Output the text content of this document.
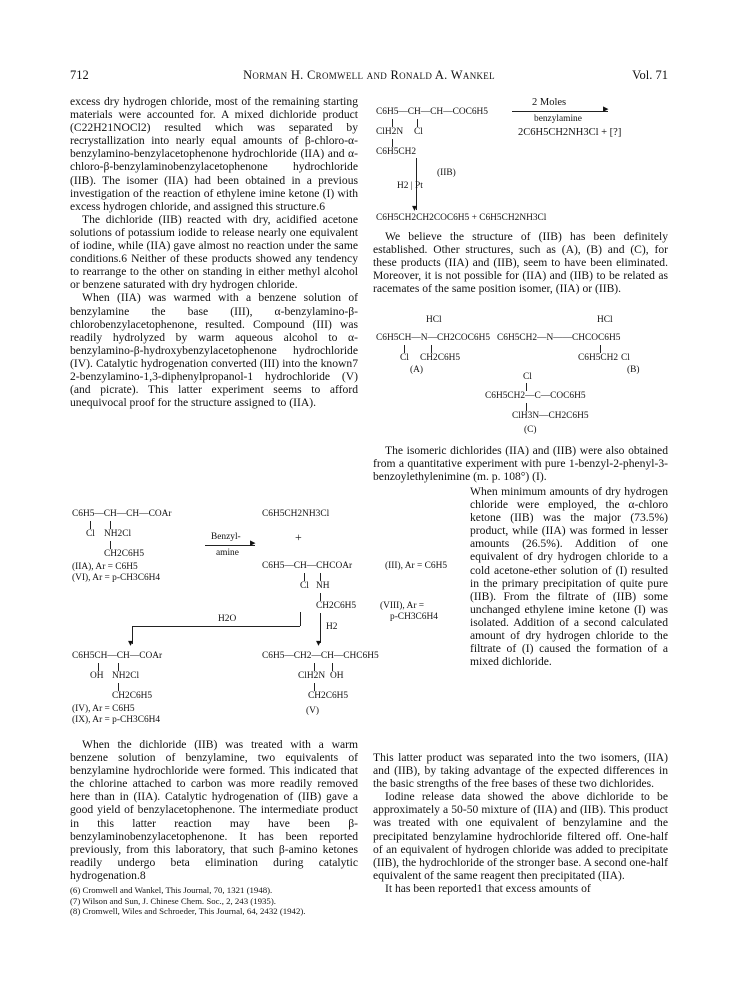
712	Norman H. Cromwell and Ronald A. Wankel	Vol. 71

excess dry hydrogen chloride, most of the remaining starting materials were accounted for. A mixed dichloride product (C22H21NOCl2) resulted which was separated by recrystallization into nearly equal amounts of β-chloro-α-benzylamino-benzylacetophenone hydrochloride (IIA) and α-chloro-β-benzylaminobenzylacetophenone hydrochloride (IIB). The isomer (IIA) had been obtained in a previous investigation of the reaction of ethylene imine ketone (I) with excess hydrogen chloride, and assigned this structure.6

The dichloride (IIB) reacted with dry, acidified acetone solutions of potassium iodide to release nearly one equivalent of iodine, while (IIA) gave almost no reaction under the same conditions.6 Neither of these products showed any tendency to rearrange to the other on standing in either methyl alcohol or benzene saturated with dry hydrogen chloride.

When (IIA) was warmed with a benzene solution of benzylamine the base (III), α-benzylamino-β-chlorobenzylacetophenone, resulted. Compound (III) was readily hydrolyzed by warm aqueous alcohol to α-benzylamino-β-hydroxybenzylacetophenone hydrochloride (IV). Catalytic hydrogenation converted (III) into the known7 2-benzylamino-1,3-diphenylpropanol-1 hydrochloride (V) (and picrate). This latter experiment seems to afford unequivocal proof for the structure assigned to (IIA).

C6H5—CH—CH—COAr
Cl NH2Cl
CH2C6H5
(IIA), Ar = C6H5
(VI), Ar = p-CH3C6H4
C6H5CH2NH3Cl
+
Benzyl- ▸
amine
C6H5—CH—CHCOAr	(III), Ar = C6H5
Cl NH
CH2C6H5	(VIII), Ar =
p-CH3C6H4
▾
H2
▾
H2O
C6H5CH—CH—COAr
OH NH2Cl
CH2C6H5
(IV), Ar = C6H5
(IX), Ar = p-CH3C6H4
C6H5—CH2—CH—CHC6H5
ClH2N OH
CH2C6H5
(V)

When the dichloride (IIB) was treated with a warm benzene solution of benzylamine, two equivalents of benzylamine hydrochloride were formed. This indicated that the chlorine attached to carbon was more readily removed here than in (IIA). Catalytic hydrogenation of (IIB) gave a good yield of benzylacetophenone. The intermediate product in this latter reaction may have been β-benzylaminobenzylacetophenone. It has been reported previously, from this laboratory, that such β-amino ketones readily undergo beta elimination during catalytic hydrogenation.8

(6) Cromwell and Wankel, This Journal, 70, 1321 (1948).

(7) Wilson and Sun, J. Chinese Chem. Soc., 2, 243 (1935).

(8) Cromwell, Wiles and Schroeder, This Journal, 64, 2432 (1942).

C6H5—CH—CH—COC6H5
ClH2N Cl
C6H5CH2
2 Moles
▸
benzylamine
2C6H5CH2NH3Cl + [?]
▾
(IIB)
H2 | Pt
C6H5CH2CH2COC6H5 + C6H5CH2NH3Cl

We believe the structure of (IIB) has been definitely established. Other structures, such as (A), (B) and (C), for these products (IIA) and (IIB), seem to have been eliminated. Moreover, it is not possible for (IIA) and (IIB) to be related as racemates of the same position isomer, (IIA) or (IIB).

HCl	HCl
C6H5CH—N—CH2COC6H5 C6H5CH2—N——CHCOC6H5
Cl CH2C6H5	C6H5CH2 Cl
(A)	(B)
Cl
C6H5CH2—C—COC6H5
ClH3N—CH2C6H5
(C)

The isomeric dichlorides (IIA) and (IIB) were also obtained from a quantitative experiment with pure 1-benzyl-2-phenyl-3-benzoylethylenimine (m. p. 108°) (I).

When minimum amounts of dry hydrogen chloride were employed, the α-chloro ketone (IIB) was the major (73.5%) product, while (IIA) was formed in lesser amounts (26.5%). Addition of one equivalent of dry hydrogen chloride to a cold acetone-ether solution of (I) resulted in the primary precipitation of quite pure (IIB). From the filtrate of (IIB) some unchanged ethylene imine ketone (I) was isolated. Addition of a second calculated amount of dry hydrogen chloride to the filtrate of (I) caused the formation of a mixed dichloride.

This latter product was separated into the two isomers, (IIA) and (IIB), by taking advantage of the expected differences in the basic strengths of the free bases of these two dichlorides.

Iodine release data showed the above dichloride to be approximately a 50-50 mixture of (IIA) and (IIB). This product was treated with one equivalent of benzylamine and the precipitated benzylamine hydrochloride filtered off. One-half of an equivalent of hydrogen chloride was added to precipitate (IIB), the hydrochloride of the stronger base. A second one-half equivalent of the same reagent then precipitated (IIA).

It has been reported1 that excess amounts of
